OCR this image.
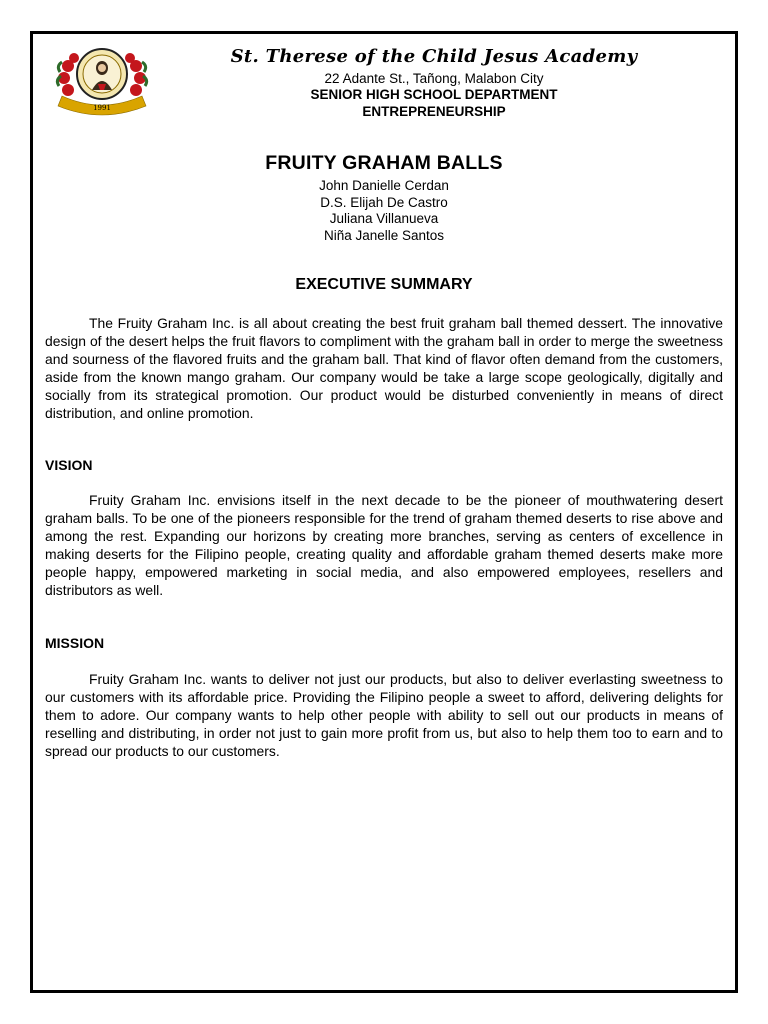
1991
St. Therese of the Child Jesus Academy
22 Adante St., Tañong, Malabon City
SENIOR HIGH SCHOOL DEPARTMENT
ENTREPRENEURSHIP
FRUITY GRAHAM BALLS
John Danielle Cerdan
D.S. Elijah De Castro
Juliana Villanueva
Niña Janelle Santos
EXECUTIVE SUMMARY
The Fruity Graham Inc. is all about creating the best fruit graham ball themed dessert. The innovative design of the desert helps the fruit flavors to compliment with the graham ball in order to merge the sweetness and sourness of the flavored fruits and the graham ball. That kind of flavor often demand from the customers, aside from the known mango graham. Our company would be take a large scope geologically, digitally and socially from its strategical promotion. Our product would be disturbed conveniently in means of direct distribution, and online promotion.
VISION
Fruity Graham Inc. envisions itself in the next decade to be the pioneer of mouthwatering desert graham balls. To be one of the pioneers responsible for the trend of graham themed deserts to rise above and among the rest. Expanding our horizons by creating more branches, serving as centers of excellence in making deserts for the Filipino people, creating quality and affordable graham themed deserts make more people happy, empowered marketing in social media, and also empowered employees, resellers and distributors as well.
MISSION
Fruity Graham Inc. wants to deliver not just our products, but also to deliver everlasting sweetness to our customers with its affordable price. Providing the Filipino people a sweet to afford, delivering delights for them to adore. Our company wants to help other people with ability to sell out our products in means of reselling and distributing, in order not just to gain more profit from us, but also to help them too to earn and to spread our products to our customers.
